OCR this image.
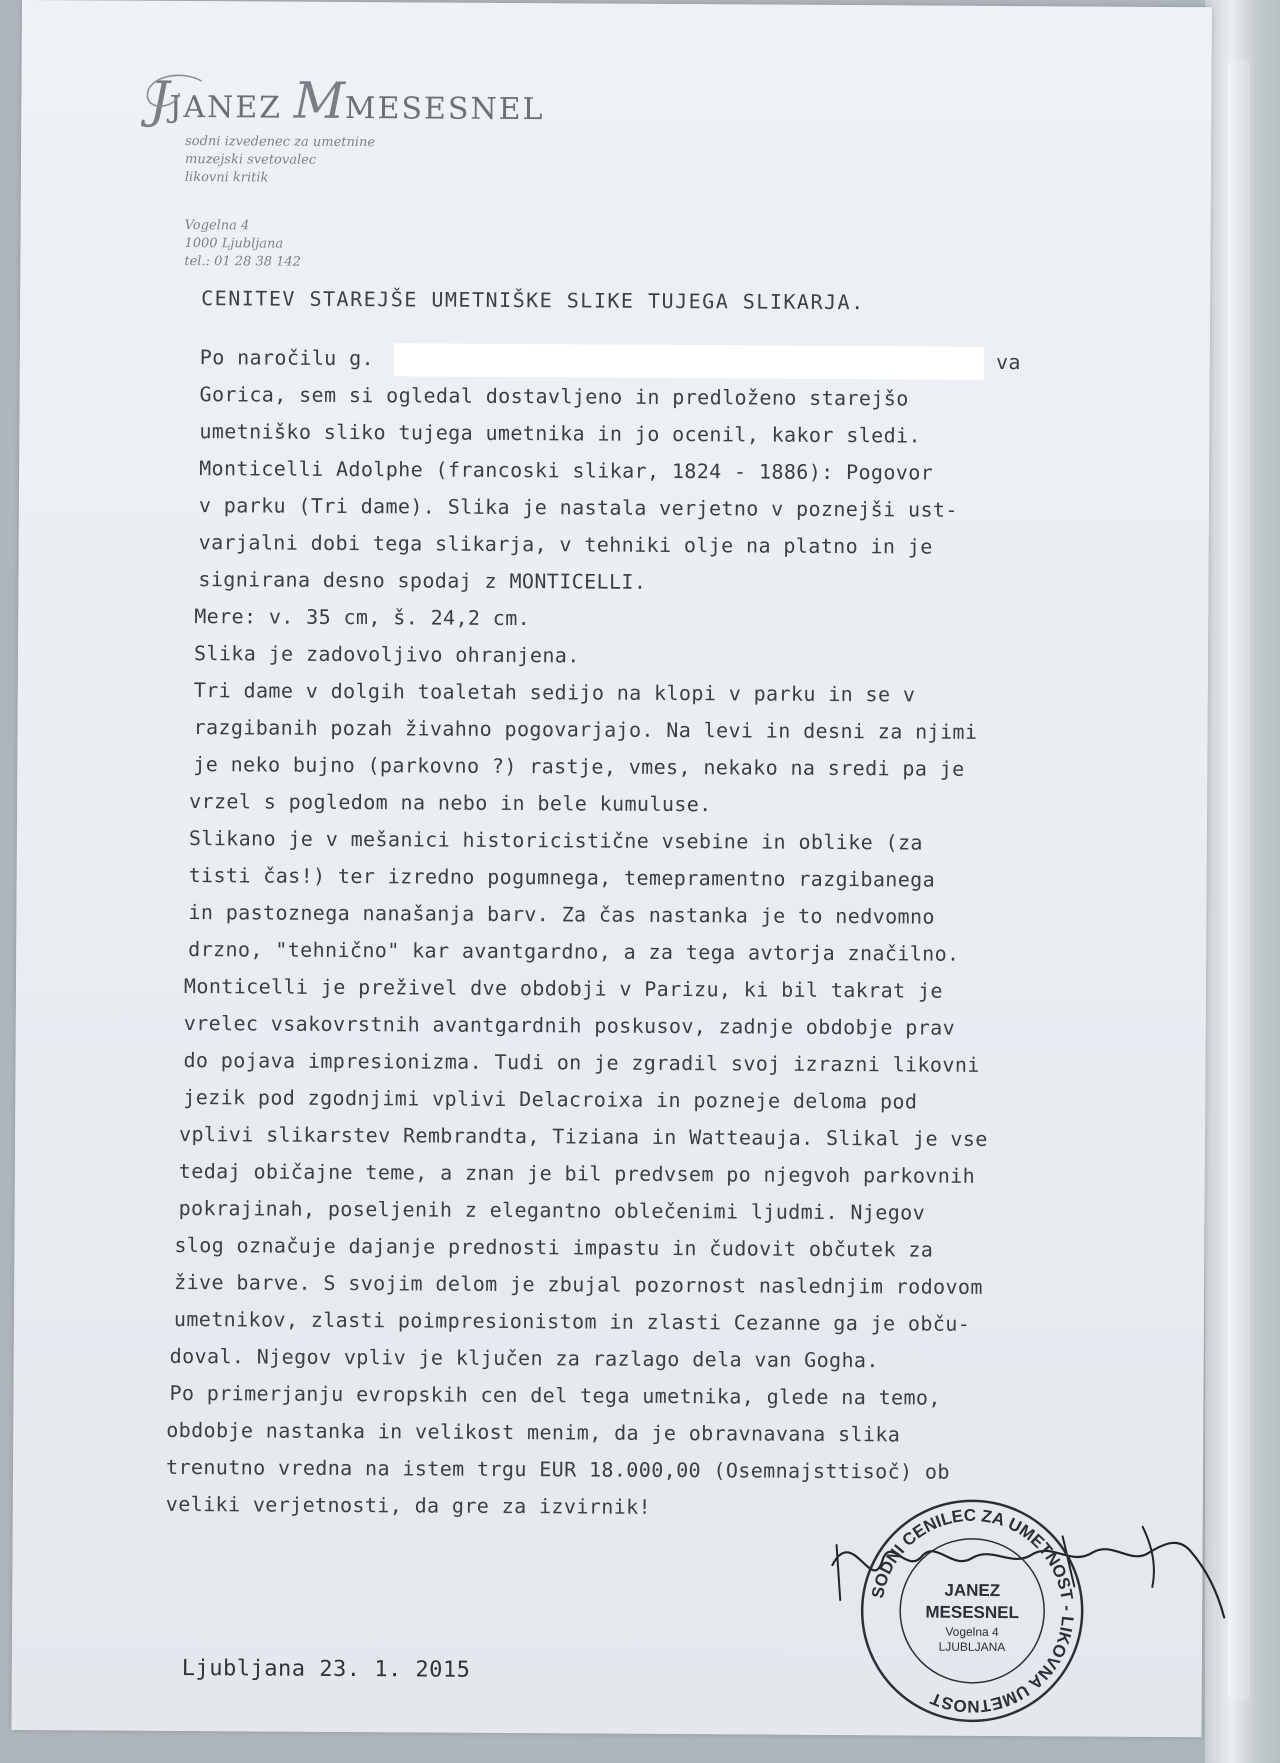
JJANEZ MMESESNEL
sodni izvedenec za umetnine
muzejski svetovalec
likovni kritik
Vogelna 4
1000 Ljubljana
tel.: 01 28 38 142
CENITEV STAREJŠE UMETNIŠKE SLIKE TUJEGA SLIKARJA.
Po naročilu g.	va
Gorica, sem si ogledal dostavljeno in predloženo starejšo
umetniško sliko tujega umetnika in jo ocenil, kakor sledi.
Monticelli Adolphe (francoski slikar, 1824 - 1886): Pogovor
v parku (Tri dame). Slika je nastala verjetno v poznejši ust-
varjalni dobi tega slikarja, v tehniki olje na platno in je
signirana desno spodaj z MONTICELLI.
Mere: v. 35 cm, š. 24,2 cm.
Slika je zadovoljivo ohranjena.
Tri dame v dolgih toaletah sedijo na klopi v parku in se v
razgibanih pozah živahno pogovarjajo. Na levi in desni za njimi
je neko bujno (parkovno ?) rastje, vmes, nekako na sredi pa je
vrzel s pogledom na nebo in bele kumuluse.
Slikano je v mešanici historicistične vsebine in oblike (za
tisti čas!) ter izredno pogumnega, temepramentno razgibanega
in pastoznega nanašanja barv. Za čas nastanka je to nedvomno
drzno, "tehnično" kar avantgardno, a za tega avtorja značilno.
Monticelli je preživel dve obdobji v Parizu, ki bil takrat je
vrelec vsakovrstnih avantgardnih poskusov, zadnje obdobje prav
do pojava impresionizma. Tudi on je zgradil svoj izrazni likovni
jezik pod zgodnjimi vplivi Delacroixa in pozneje deloma pod
vplivi slikarstev Rembrandta, Tiziana in Watteauja. Slikal je vse
tedaj običajne teme, a znan je bil predvsem po njegvoh parkovnih
pokrajinah, poseljenih z elegantno oblečenimi ljudmi. Njegov
slog označuje dajanje prednosti impastu in čudovit občutek za
žive barve. S svojim delom je zbujal pozornost naslednjim rodovom
umetnikov, zlasti poimpresionistom in zlasti Cezanne ga je obču-
doval. Njegov vpliv je ključen za razlago dela van Gogha.
Po primerjanju evropskih cen del tega umetnika, glede na temo,
obdobje nastanka in velikost menim, da je obravnavana slika
trenutno vredna na istem trgu EUR 18.000,00 (Osemnajsttisoč) ob
veliki verjetnosti, da gre za izvirnik!
Ljubljana 23. 1. 2015
SODNI CENILEC ZA UMETNOST - LIKOVNA UMETNOST
JANEZ
MESESNEL
Vogelna 4
LJUBLJANA
